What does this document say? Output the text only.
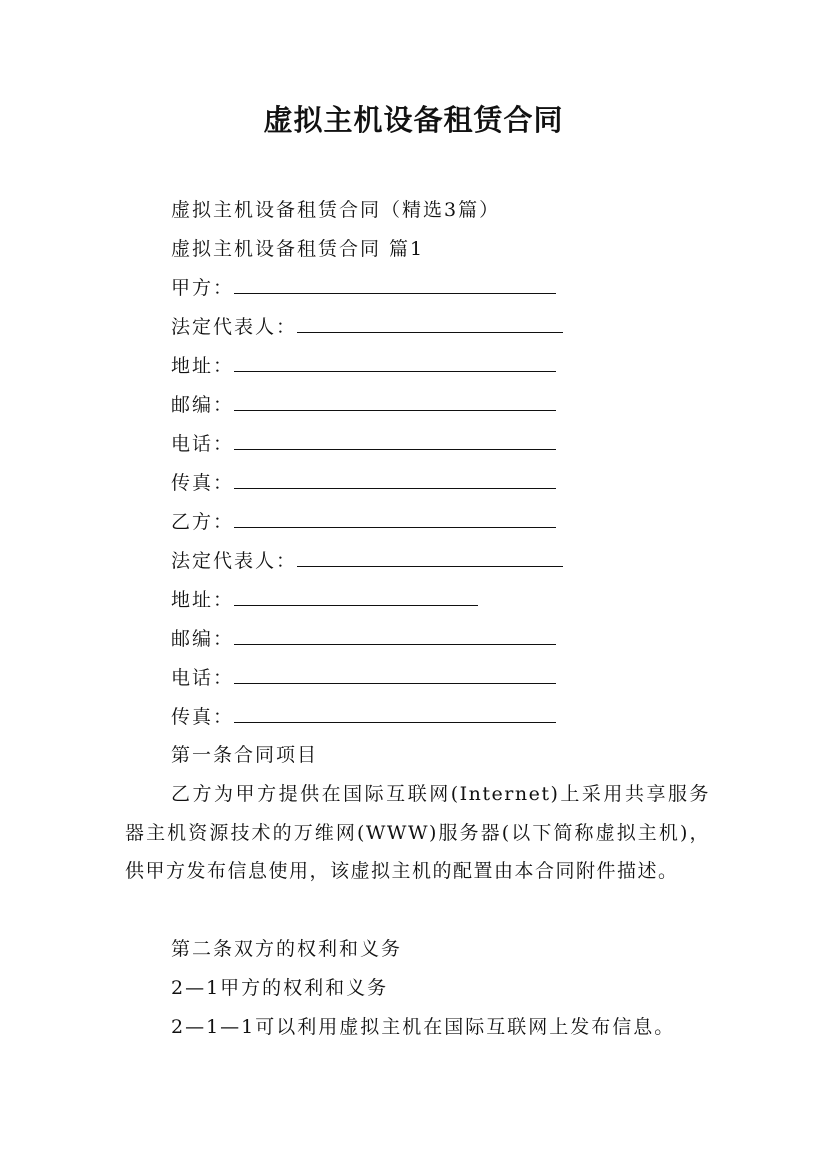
虚拟主机设备租赁合同
虚拟主机设备租赁合同（精选3篇）
虚拟主机设备租赁合同 篇1
甲方：
法定代表人：
地址：
邮编：
电话：
传真：
乙方：
法定代表人：
地址：
邮编：
电话：
传真：
第一条合同项目
乙方为甲方提供在国际互联网(Internet)上采用共享服务器主机资源技术的万维网(WWW)服务器(以下简称虚拟主机)，供甲方发布信息使用，该虚拟主机的配置由本合同附件描述。
第二条双方的权利和义务
2—1甲方的权利和义务
2—1—1可以利用虚拟主机在国际互联网上发布信息。
